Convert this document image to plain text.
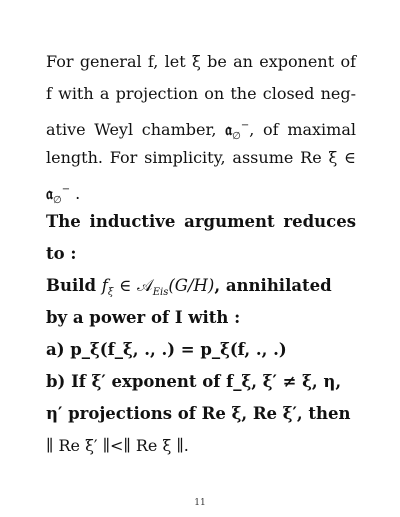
For general f, let ξ be an exponent of
f with a projection on the closed neg-
ative Weyl chamber, 𝔞$_\emptyset$−, of maximal
length. For simplicity, assume Re ξ ∈
𝔞$_\emptyset$− .
The inductive argument reduces
to :
Build $f_\xi$ ∈ 𝒜$_{Eis}$(G/H), annihilated
by a power of I with :
a) p_ξ(f_ξ, ., .) = p_ξ(f, ., .)
b) If ξ′ exponent of f_ξ, ξ′ ≠ ξ, η,
η′ projections of Re ξ, Re ξ′, then
∥ Re ξ′ ∥<∥ Re ξ ∥.
11
